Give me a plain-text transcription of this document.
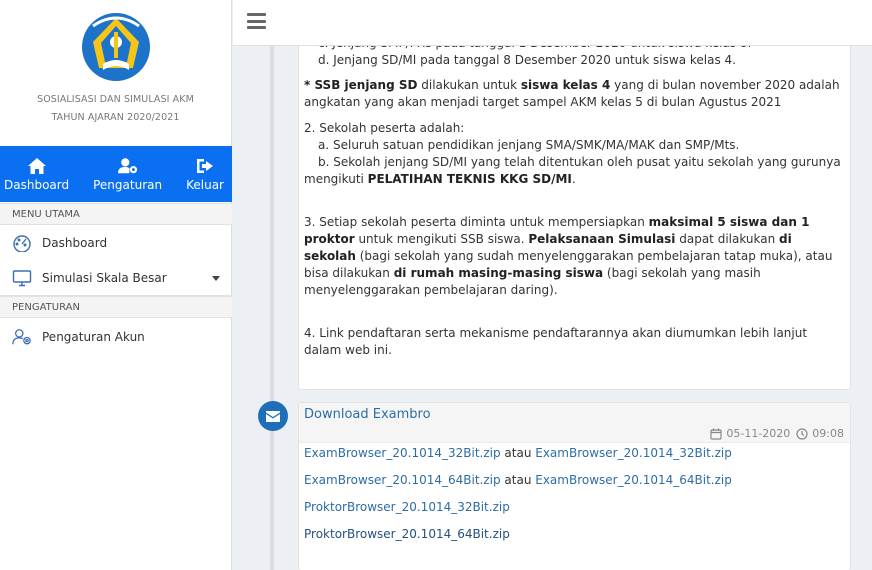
SOSIALISASI DAN SIMULASI AKM
TAHUN AJARAN 2020/2021
Dashboard Pengaturan Keluar
MENU UTAMA
Dashboard
Simulasi Skala Besar
PENGATURAN
Pengaturan Akun

d. Jenjang SD/MI pada tanggal 8 Desember 2020 untuk siswa kelas 4.

* SSB jenjang SD dilakukan untuk siswa kelas 4 yang di bulan november 2020 adalah angkatan yang akan menjadi target sampel AKM kelas 5 di bulan Agustus 2021

2. Sekolah peserta adalah:

a. Seluruh satuan pendidikan jenjang SMA/SMK/MA/MAK dan SMP/Mts.

b. Sekolah jenjang SD/MI yang telah ditentukan oleh pusat yaitu sekolah yang gurunya mengikuti PELATIHAN TEKNIS KKG SD/MI.

3. Setiap sekolah peserta diminta untuk mempersiapkan maksimal 5 siswa dan 1 proktor untuk mengikuti SSB siswa. Pelaksanaan Simulasi dapat dilakukan di sekolah (bagi sekolah yang sudah menyelenggarakan pembelajaran tatap muka), atau bisa dilakukan di rumah masing-masing siswa (bagi sekolah yang masih menyelenggarakan pembelajaran daring).

4. Link pendaftaran serta mekanisme pendaftarannya akan diumumkan lebih lanjut dalam web ini.

Download Exambro
05-11-2020 09:08
ExamBrowser_20.1014_32Bit.zip atau ExamBrowser_20.1014_32Bit.zip
ExamBrowser_20.1014_64Bit.zip atau ExamBrowser_20.1014_64Bit.zip
ProktorBrowser_20.1014_32Bit.zip
ProktorBrowser_20.1014_64Bit.zip
